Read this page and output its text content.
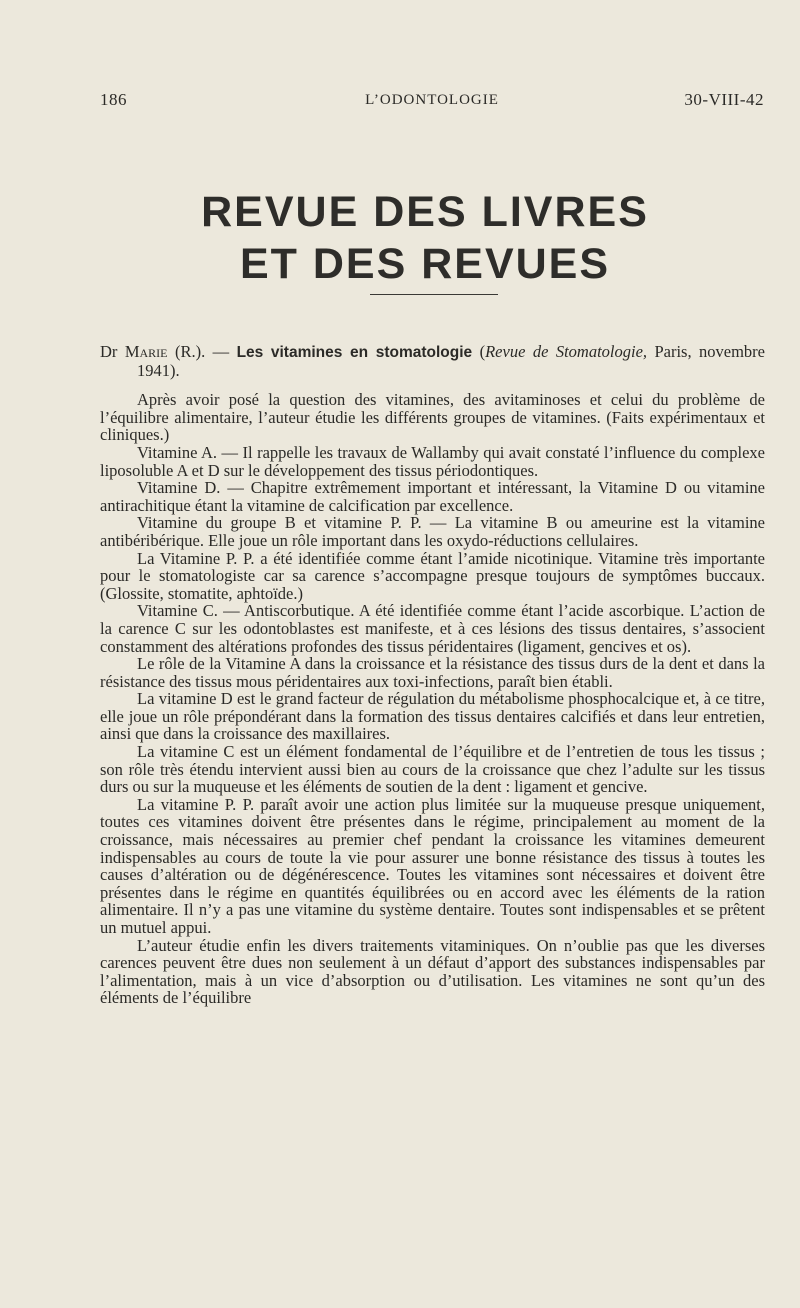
186	L’ODONTOLOGIE	30-VIII-42
REVUE DES LIVRES
ET DES REVUES

Dr Marie (R.). — Les vitamines en stomatologie (Revue de Stomatologie, Paris, novembre 1941).

Après avoir posé la question des vitamines, des avitaminoses et celui du problème de l’équilibre alimentaire, l’auteur étudie les différents groupes de vitamines. (Faits expérimentaux et cliniques.)

Vitamine A. — Il rappelle les travaux de Wallamby qui avait constaté l’influence du complexe liposoluble A et D sur le développement des tissus périodontiques.

Vitamine D. — Chapitre extrêmement important et intéressant, la Vitamine D ou vitamine antirachitique étant la vitamine de calcification par excellence.

Vitamine du groupe B et vitamine P. P. — La vitamine B ou ameurine est la vitamine antibéribérique. Elle joue un rôle important dans les oxydo-réductions cellulaires.

La Vitamine P. P. a été identifiée comme étant l’amide nicotinique. Vitamine très importante pour le stomatologiste car sa carence s’accompagne presque toujours de symptômes buccaux. (Glossite, stomatite, aphtoïde.)

Vitamine C. — Antiscorbutique. A été identifiée comme étant l’acide ascorbique. L’action de la carence C sur les odontoblastes est manifeste, et à ces lésions des tissus dentaires, s’associent constamment des altérations profondes des tissus péridentaires (ligament, gencives et os).

Le rôle de la Vitamine A dans la croissance et la résistance des tissus durs de la dent et dans la résistance des tissus mous péridentaires aux toxi-infections, paraît bien établi.

La vitamine D est le grand facteur de régulation du métabolisme phosphocalcique et, à ce titre, elle joue un rôle prépondérant dans la formation des tissus dentaires calcifiés et dans leur entretien, ainsi que dans la croissance des maxillaires.

La vitamine C est un élément fondamental de l’équilibre et de l’entretien de tous les tissus ; son rôle très étendu intervient aussi bien au cours de la croissance que chez l’adulte sur les tissus durs ou sur la muqueuse et les éléments de soutien de la dent : ligament et gencive.

La vitamine P. P. paraît avoir une action plus limitée sur la muqueuse presque uniquement, toutes ces vitamines doivent être présentes dans le régime, principalement au moment de la croissance, mais nécessaires au premier chef pendant la croissance les vitamines demeurent indispensables au cours de toute la vie pour assurer une bonne résistance des tissus à toutes les causes d’altération ou de dégénérescence. Toutes les vitamines sont nécessaires et doivent être présentes dans le régime en quantités équilibrées ou en accord avec les éléments de la ration alimentaire. Il n’y a pas une vitamine du système dentaire. Toutes sont indispensables et se prêtent un mutuel appui.

L’auteur étudie enfin les divers traitements vitaminiques. On n’oublie pas que les diverses carences peuvent être dues non seulement à un défaut d’apport des substances indispensables par l’alimentation, mais à un vice d’absorption ou d’utilisation. Les vitamines ne sont qu’un des éléments de l’équilibre
